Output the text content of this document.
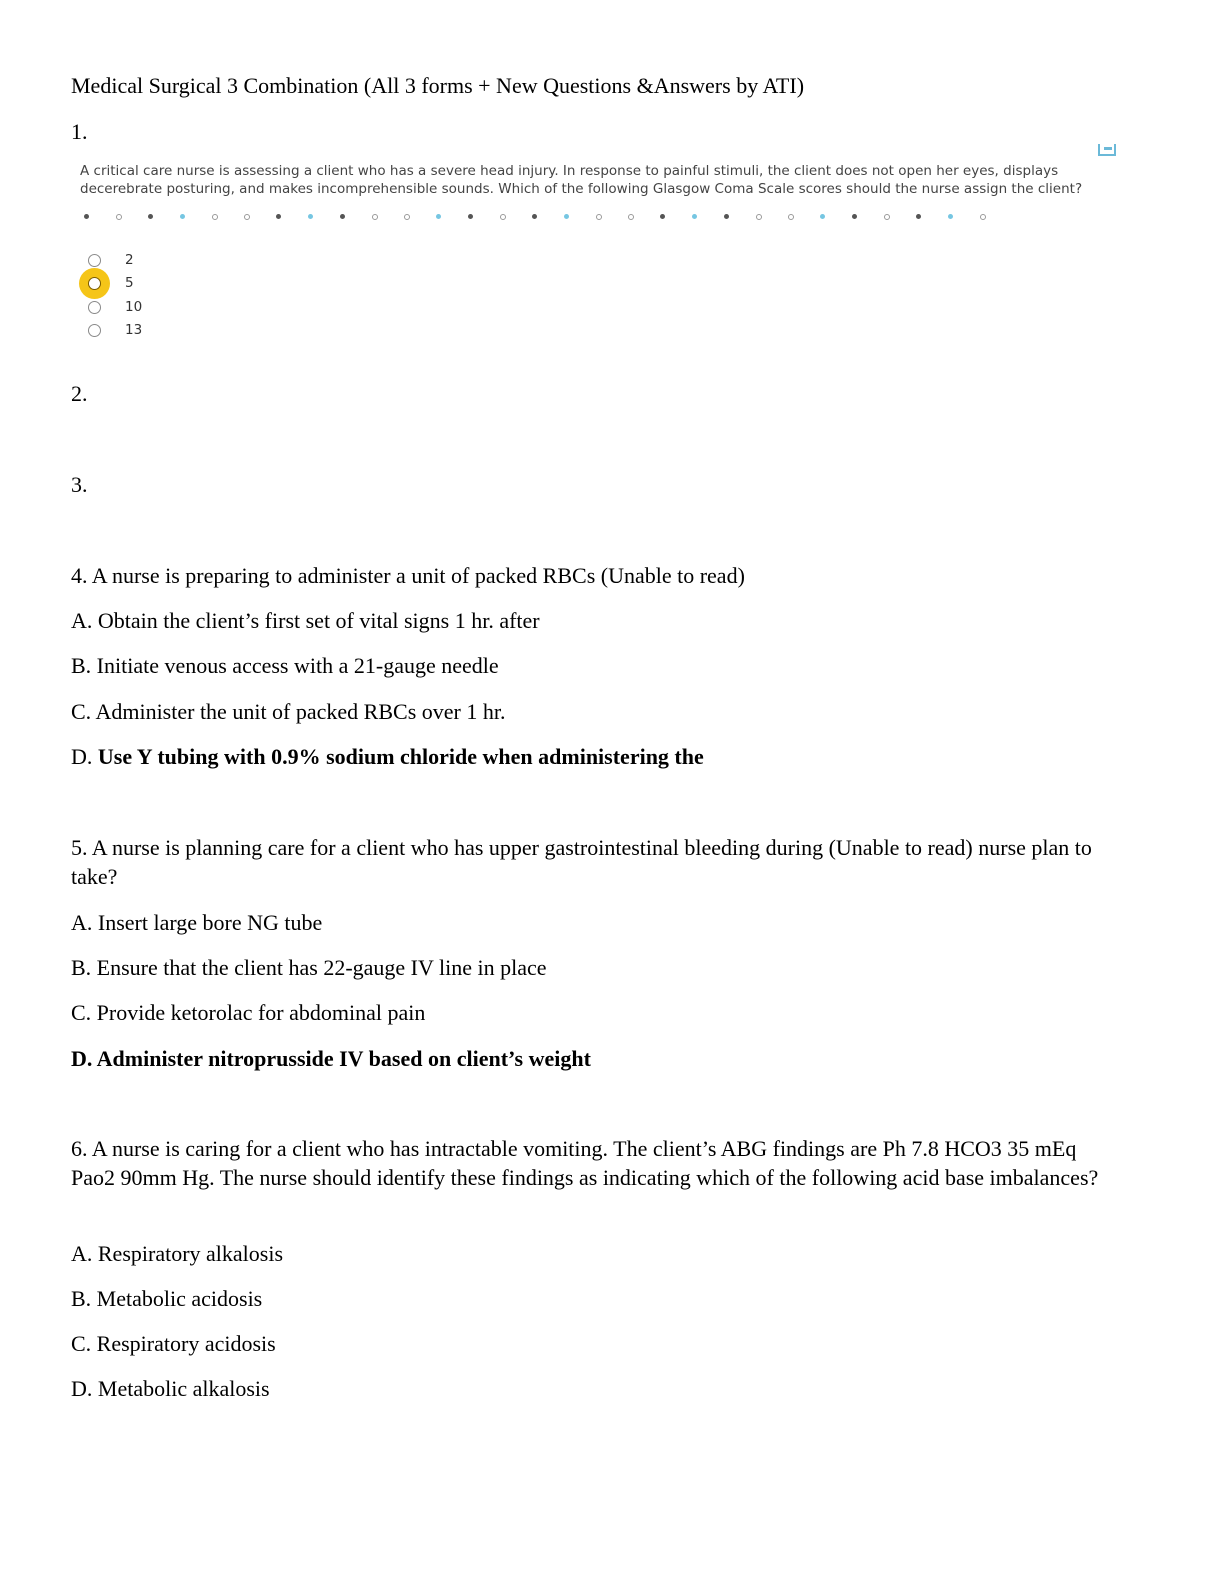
Medical Surgical 3 Combination (All 3 forms + New Questions &Answers by ATI)
1.
A critical care nurse is assessing a client who has a severe head injury. In response to painful stimuli, the client does not open her eyes, displays decerebrate posturing, and makes incomprehensible sounds. Which of the following Glasgow Coma Scale scores should the nurse assign the client?
2
5
10
13
2.
3.
4. A nurse is preparing to administer a unit of packed RBCs (Unable to read)
A. Obtain the client’s first set of vital signs 1 hr. after
B. Initiate venous access with a 21-gauge needle
C. Administer the unit of packed RBCs over 1 hr.
D. Use Y tubing with 0.9% sodium chloride when administering the
5. A nurse is planning care for a client who has upper gastrointestinal bleeding during (Unable to read) nurse plan to take?
A. Insert large bore NG tube
B. Ensure that the client has 22-gauge IV line in place
C. Provide ketorolac for abdominal pain
D. Administer nitroprusside IV based on client’s weight
6. A nurse is caring for a client who has intractable vomiting. The client’s ABG findings are Ph 7.8 HCO3 35 mEq Pao2 90mm Hg. The nurse should identify these findings as indicating which of the following acid base imbalances?
A. Respiratory alkalosis
B. Metabolic acidosis
C. Respiratory acidosis
D. Metabolic alkalosis
